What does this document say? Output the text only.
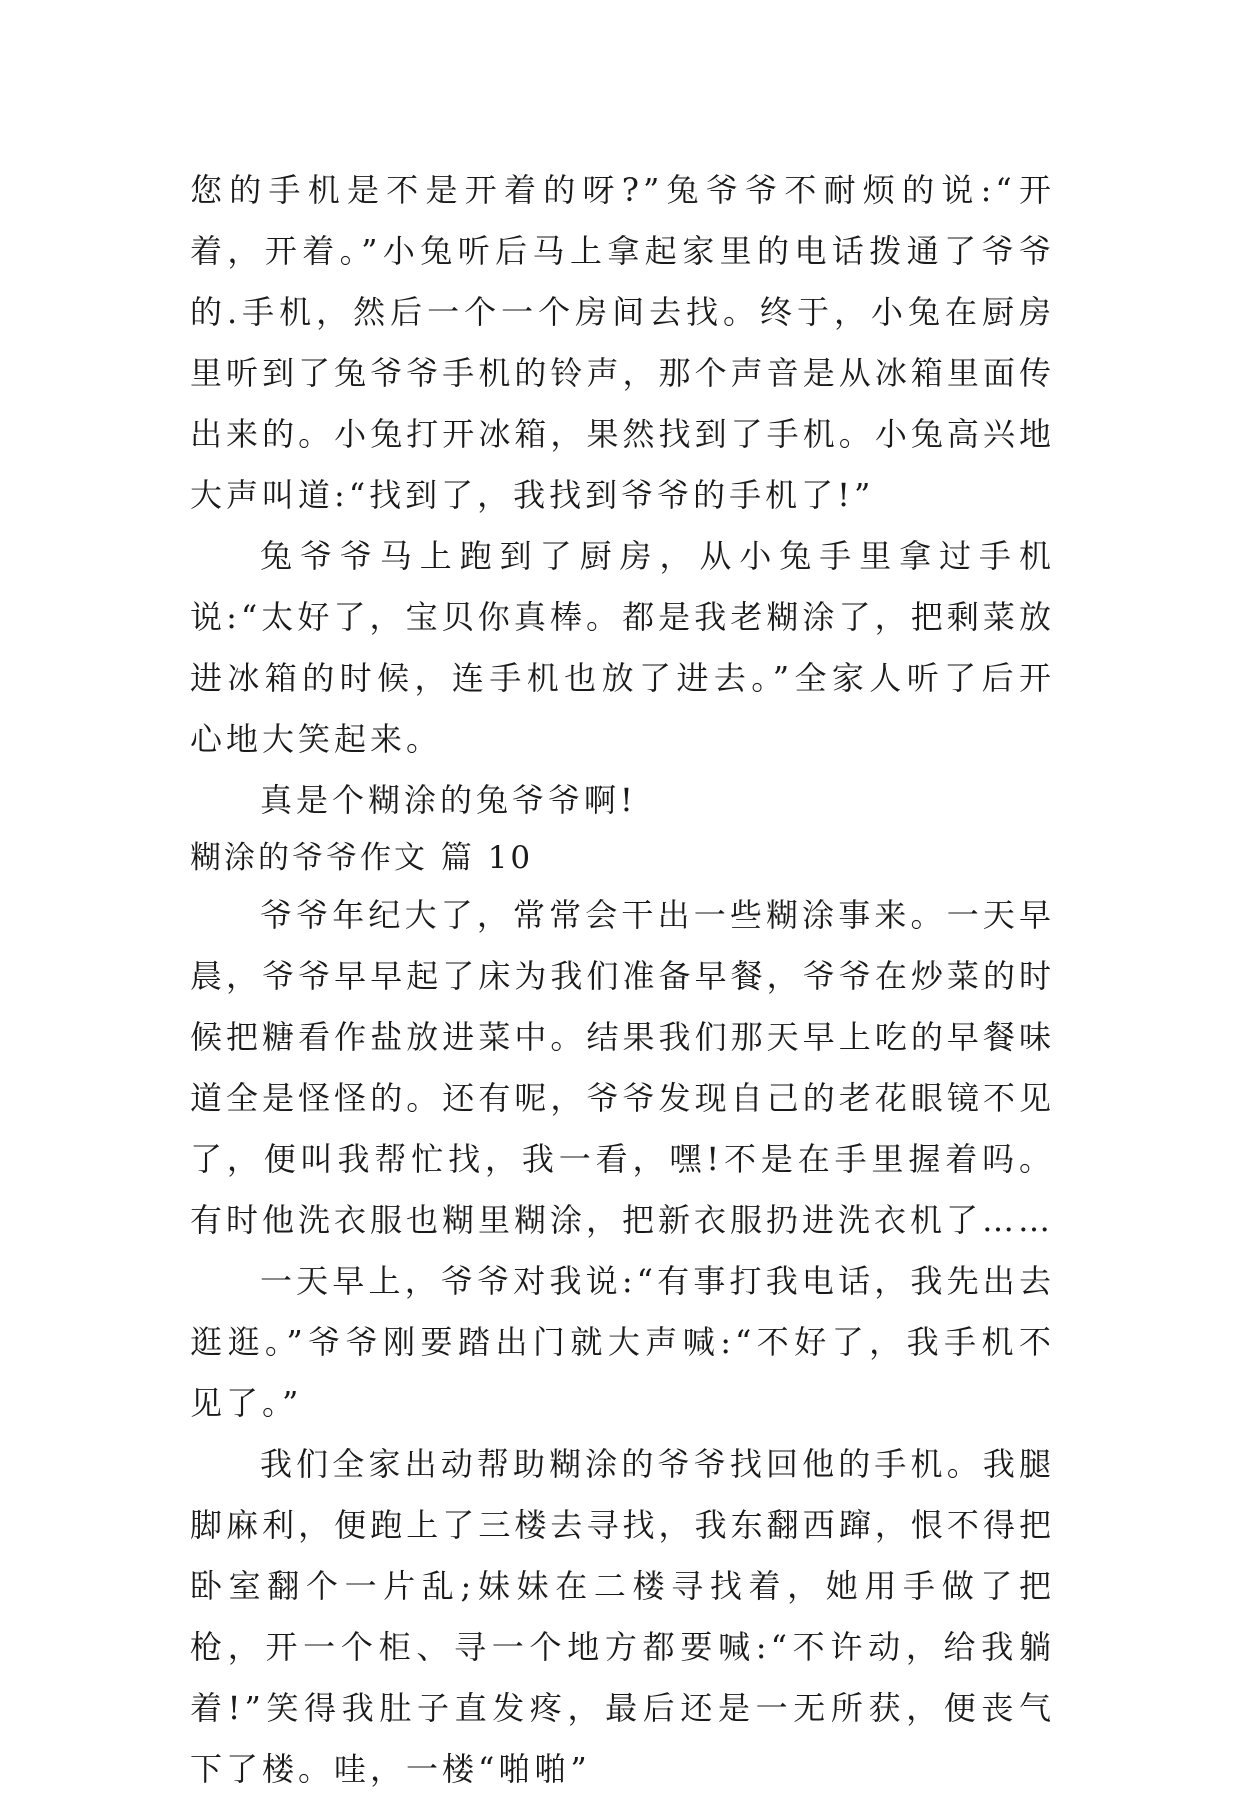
您的手机是不是开着的呀?”兔爷爷不耐烦的说:“开着，开着。”小兔听后马上拿起家里的电话拨通了爷爷的.手机，然后一个一个房间去找。终于，小兔在厨房里听到了兔爷爷手机的铃声，那个声音是从冰箱里面传出来的。小兔打开冰箱，果然找到了手机。小兔高兴地大声叫道:“找到了，我找到爷爷的手机了!”

兔爷爷马上跑到了厨房，从小兔手里拿过手机说:“太好了，宝贝你真棒。都是我老糊涂了，把剩菜放进冰箱的时候，连手机也放了进去。”全家人听了后开心地大笑起来。

真是个糊涂的兔爷爷啊!

糊涂的爷爷作文 篇 10

爷爷年纪大了，常常会干出一些糊涂事来。一天早晨，爷爷早早起了床为我们准备早餐，爷爷在炒菜的时候把糖看作盐放进菜中。结果我们那天早上吃的早餐味道全是怪怪的。还有呢，爷爷发现自己的老花眼镜不见了，便叫我帮忙找，我一看，嘿!不是在手里握着吗。有时他洗衣服也糊里糊涂，把新衣服扔进洗衣机了……

一天早上，爷爷对我说:“有事打我电话，我先出去逛逛。”爷爷刚要踏出门就大声喊:“不好了，我手机不见了。”

我们全家出动帮助糊涂的爷爷找回他的手机。我腿脚麻利，便跑上了三楼去寻找，我东翻西蹿，恨不得把卧室翻个一片乱;妹妹在二楼寻找着，她用手做了把枪，开一个柜、寻一个地方都要喊:“不许动，给我躺着!”笑得我肚子直发疼，最后还是一无所获，便丧气下了楼。哇，一楼“啪啪”
